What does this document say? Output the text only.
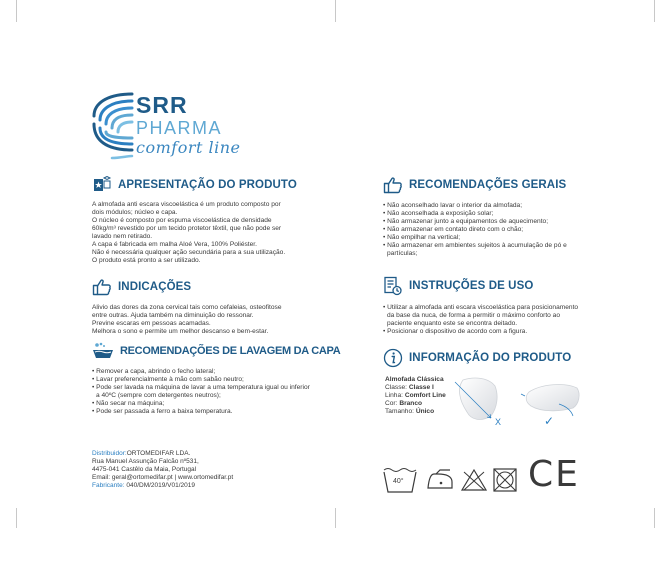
SRR
PHARMA
comfort line
APRESENTAÇÃO DO PRODUTO

A almofada anti escara viscoelástica é um produto composto por

dois módulos; núcleo e capa.

O núcleo é composto por espuma viscoelástica de densidade

60kg/m³ revestido por um tecido protetor têxtil, que não pode ser

lavado nem retirado.

A capa é fabricada em malha Aloé Vera, 100% Poliéster.

Não é necessária qualquer ação secundária para a sua utilização.

O produto está pronto a ser utilizado.

INDICAÇÕES

Alivio das dores da zona cervical tais como cefaleias, osteofitose

entre outras. Ajuda também na diminuição do ressonar.

Previne escaras em pessoas acamadas.

Melhora o sono e permite um melhor descanso e bem-estar.

RECOMENDAÇÕES DE LAVAGEM DA CAPA
• Remover a capa, abrindo o fecho lateral;
• Lavar preferencialmente à mão com sabão neutro;
• Pode ser lavada na máquina de lavar a uma temperatura igual ou inferior a 40ºC (sempre com detergentes neutros);
• Não secar na máquina;
• Pode ser passada a ferro a baixa temperatura.
Distribuidor:ORTOMEDIFAR LDA.
Rua Manuel Assunção Falcão nº531,
4475-041 Castêlo da Maia, Portugal
Email: geral@ortomedifar.pt | www.ortomedifar.pt
Fabricante: 040/DM/2019/V01/2019
RECOMENDAÇÕES GERAIS
• Não aconselhado lavar o interior da almofada;
• Não aconselhada a exposição solar;
• Não armazenar junto a equipamentos de aquecimento;
• Não armazenar em contato direto com o chão;
• Não empilhar na vertical;
• Não armazenar em ambientes sujeitos à acumulação de pó e partículas;
INSTRUÇÕES DE USO
• Utilizar a almofada anti escara viscoelástica para posicionamento da base da nuca, de forma a permitir o máximo conforto ao paciente enquanto este se encontra deitado.
• Posicionar o dispositivo de acordo com a figura.
INFORMAÇÃO DO PRODUTO
Almofada Clássica
Classe: Classe I
Linha: Comfort Line
Cor: Branco
Tamanho: Único
X	✓
40°	CE
